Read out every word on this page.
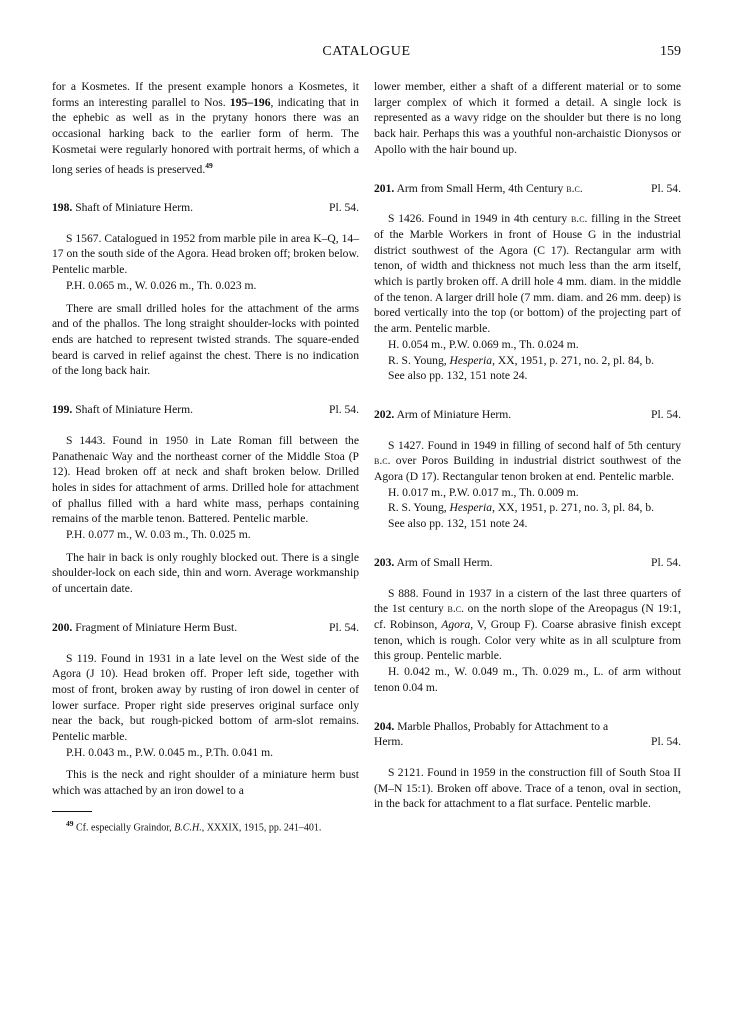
CATALOGUE	159

for a Kosmetes. If the present example honors a Kosmetes, it forms an interesting parallel to Nos. 195–196, indicating that in the ephebic as well as in the prytany honors there was an occasional harking back to the earlier form of herm. The Kosmetai were regularly honored with portrait herms, of which a long series of heads is preserved.$^{49}$

198. Shaft of Miniature Herm.	Pl. 54.

S 1567. Catalogued in 1952 from marble pile in area K–Q, 14–17 on the south side of the Agora. Head broken off; broken below. Pentelic marble.

P.H. 0.065 m., W. 0.026 m., Th. 0.023 m.

There are small drilled holes for the attachment of the arms and of the phallos. The long straight shoulder-locks with pointed ends are hatched to represent twisted strands. The square-ended beard is carved in relief against the chest. There is no indication of the long back hair.

199. Shaft of Miniature Herm.	Pl. 54.

S 1443. Found in 1950 in Late Roman fill between the Panathenaic Way and the northeast corner of the Middle Stoa (P 12). Head broken off at neck and shaft broken below. Drilled holes in sides for attachment of arms. Drilled hole for attachment of phallus filled with a hard white mass, perhaps containing remains of the marble tenon. Battered. Pentelic marble.

P.H. 0.077 m., W. 0.03 m., Th. 0.025 m.

The hair in back is only roughly blocked out. There is a single shoulder-lock on each side, thin and worn. Average workmanship of uncertain date.

200. Fragment of Miniature Herm Bust.	Pl. 54.

S 119. Found in 1931 in a late level on the West side of the Agora (J 10). Head broken off. Proper left side, together with most of front, broken away by rusting of iron dowel in center of lower surface. Proper right side preserves original surface only near the back, but rough-picked bottom of arm-slot remains. Pentelic marble.

P.H. 0.043 m., P.W. 0.045 m., P.Th. 0.041 m.

This is the neck and right shoulder of a miniature herm bust which was attached by an iron dowel to a

$^{49}$ Cf. especially Graindor, B.C.H., XXXIX, 1915, pp. 241–401.

lower member, either a shaft of a different material or to some larger complex of which it formed a detail. A single lock is represented as a wavy ridge on the shoulder but there is no long back hair. Perhaps this was a youthful non-archaistic Dionysos or Apollo with the hair bound up.

201. Arm from Small Herm, 4th Century b.c.	Pl. 54.

S 1426. Found in 1949 in 4th century b.c. filling in the Street of the Marble Workers in front of House G in the industrial district southwest of the Agora (C 17). Rectangular arm with tenon, of width and thickness not much less than the arm itself, which is partly broken off. A drill hole 4 mm. diam. in the middle of the tenon. A larger drill hole (7 mm. diam. and 26 mm. deep) is bored vertically into the top (or bottom) of the projecting part of the arm. Pentelic marble.

H. 0.054 m., P.W. 0.069 m., Th. 0.024 m.

R. S. Young, Hesperia, XX, 1951, p. 271, no. 2, pl. 84, b.

See also pp. 132, 151 note 24.

202. Arm of Miniature Herm.	Pl. 54.

S 1427. Found in 1949 in filling of second half of 5th century b.c. over Poros Building in industrial district southwest of the Agora (D 17). Rectangular tenon broken at end. Pentelic marble.

H. 0.017 m., P.W. 0.017 m., Th. 0.009 m.

R. S. Young, Hesperia, XX, 1951, p. 271, no. 3, pl. 84, b.

See also pp. 132, 151 note 24.

203. Arm of Small Herm.	Pl. 54.

S 888. Found in 1937 in a cistern of the last three quarters of the 1st century b.c. on the north slope of the Areopagus (N 19:1, cf. Robinson, Agora, V, Group F). Coarse abrasive finish except tenon, which is rough. Color very white as in all sculpture from this group. Pentelic marble.

H. 0.042 m., W. 0.049 m., Th. 0.029 m., L. of arm without tenon 0.04 m.

204. Marble Phallos, Probably for Attachment to a
Herm.	Pl. 54.

S 2121. Found in 1959 in the construction fill of South Stoa II (M–N 15:1). Broken off above. Trace of a tenon, oval in section, in the back for attachment to a flat surface. Pentelic marble.
